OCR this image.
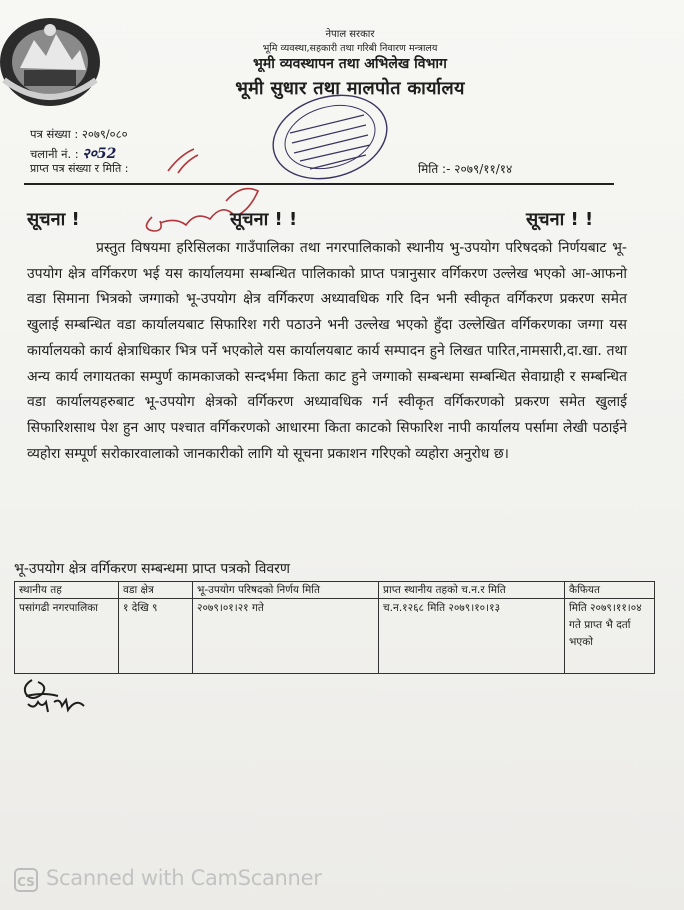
नेपाल सरकार
भूमि व्यवस्था,सहकारी तथा गरिबी निवारण मन्त्रालय
भूमी व्यवस्थापन तथा अभिलेख विभाग
भूमी सुधार तथा मालपोत कार्यालय
पत्र संख्या : २०७९/०८०
चलानी नं. : २०52
प्राप्त पत्र संख्या र मिति :	मिति :- २०७९/११/१४
सूचना !	सूचना ! !	सूचना ! !

प्रस्तुत विषयमा हरिसिलका गाउँपालिका तथा नगरपालिकाको स्थानीय भु-उपयोग परिषदको निर्णयबाट भू-उपयोग क्षेत्र वर्गिकरण भई यस कार्यालयमा सम्बन्धित पालिकाको प्राप्त पत्रानुसार वर्गिकरण उल्लेख भएको आ-आफनो वडा सिमाना भित्रको जग्गाको भू-उपयोग क्षेत्र वर्गिकरण अध्यावधिक गरि दिन भनी स्वीकृत वर्गिकरण प्रकरण समेत खुलाई सम्बन्धित वडा कार्यालयबाट सिफारिश गरी पठाउने भनी उल्लेख भएको हुँदा उल्लेखित वर्गिकरणका जग्गा यस कार्यालयको कार्य क्षेत्राधिकार भित्र पर्ने भएकोले यस कार्यालयबाट कार्य सम्पादन हुने लिखत पारित,नामसारी,दा.खा. तथा अन्य कार्य लगायतका सम्पुर्ण कामकाजको सन्दर्भमा किता काट हुने जग्गाको सम्बन्धमा सम्बन्धित सेवाग्राही र सम्बन्धित वडा कार्यालयहरुबाट भू-उपयोग क्षेत्रको वर्गिकरण अध्यावधिक गर्न स्वीकृत वर्गिकरणको प्रकरण समेत खुलाई सिफारिशसाथ पेश हुन आए पश्चात वर्गिकरणको आधारमा किता काटको सिफारिश नापी कार्यालय पर्सामा लेखी पठाईने व्यहोरा सम्पूर्ण सरोकारवालाको जानकारीको लागि यो सूचना प्रकाशन गरिएको व्यहोरा अनुरोध छ।

भू-उपयोग क्षेत्र वर्गिकरण सम्बन्धमा प्राप्त पत्रको विवरण
स्थानीय तह	वडा क्षेत्र	भू-उपयोग परिषदको निर्णय मिति	प्राप्त स्थानीय तहको च.न.र मिति	कैफियत
पसांगढी नगरपालिका	१ देखि ९	२०७९।०१।२१ गते	च.न.१२६८ मिति २०७९।१०।१३	मिति २०७९।११।०४ गते प्राप्त भै दर्ता भएको
CS Scanned with CamScanner
